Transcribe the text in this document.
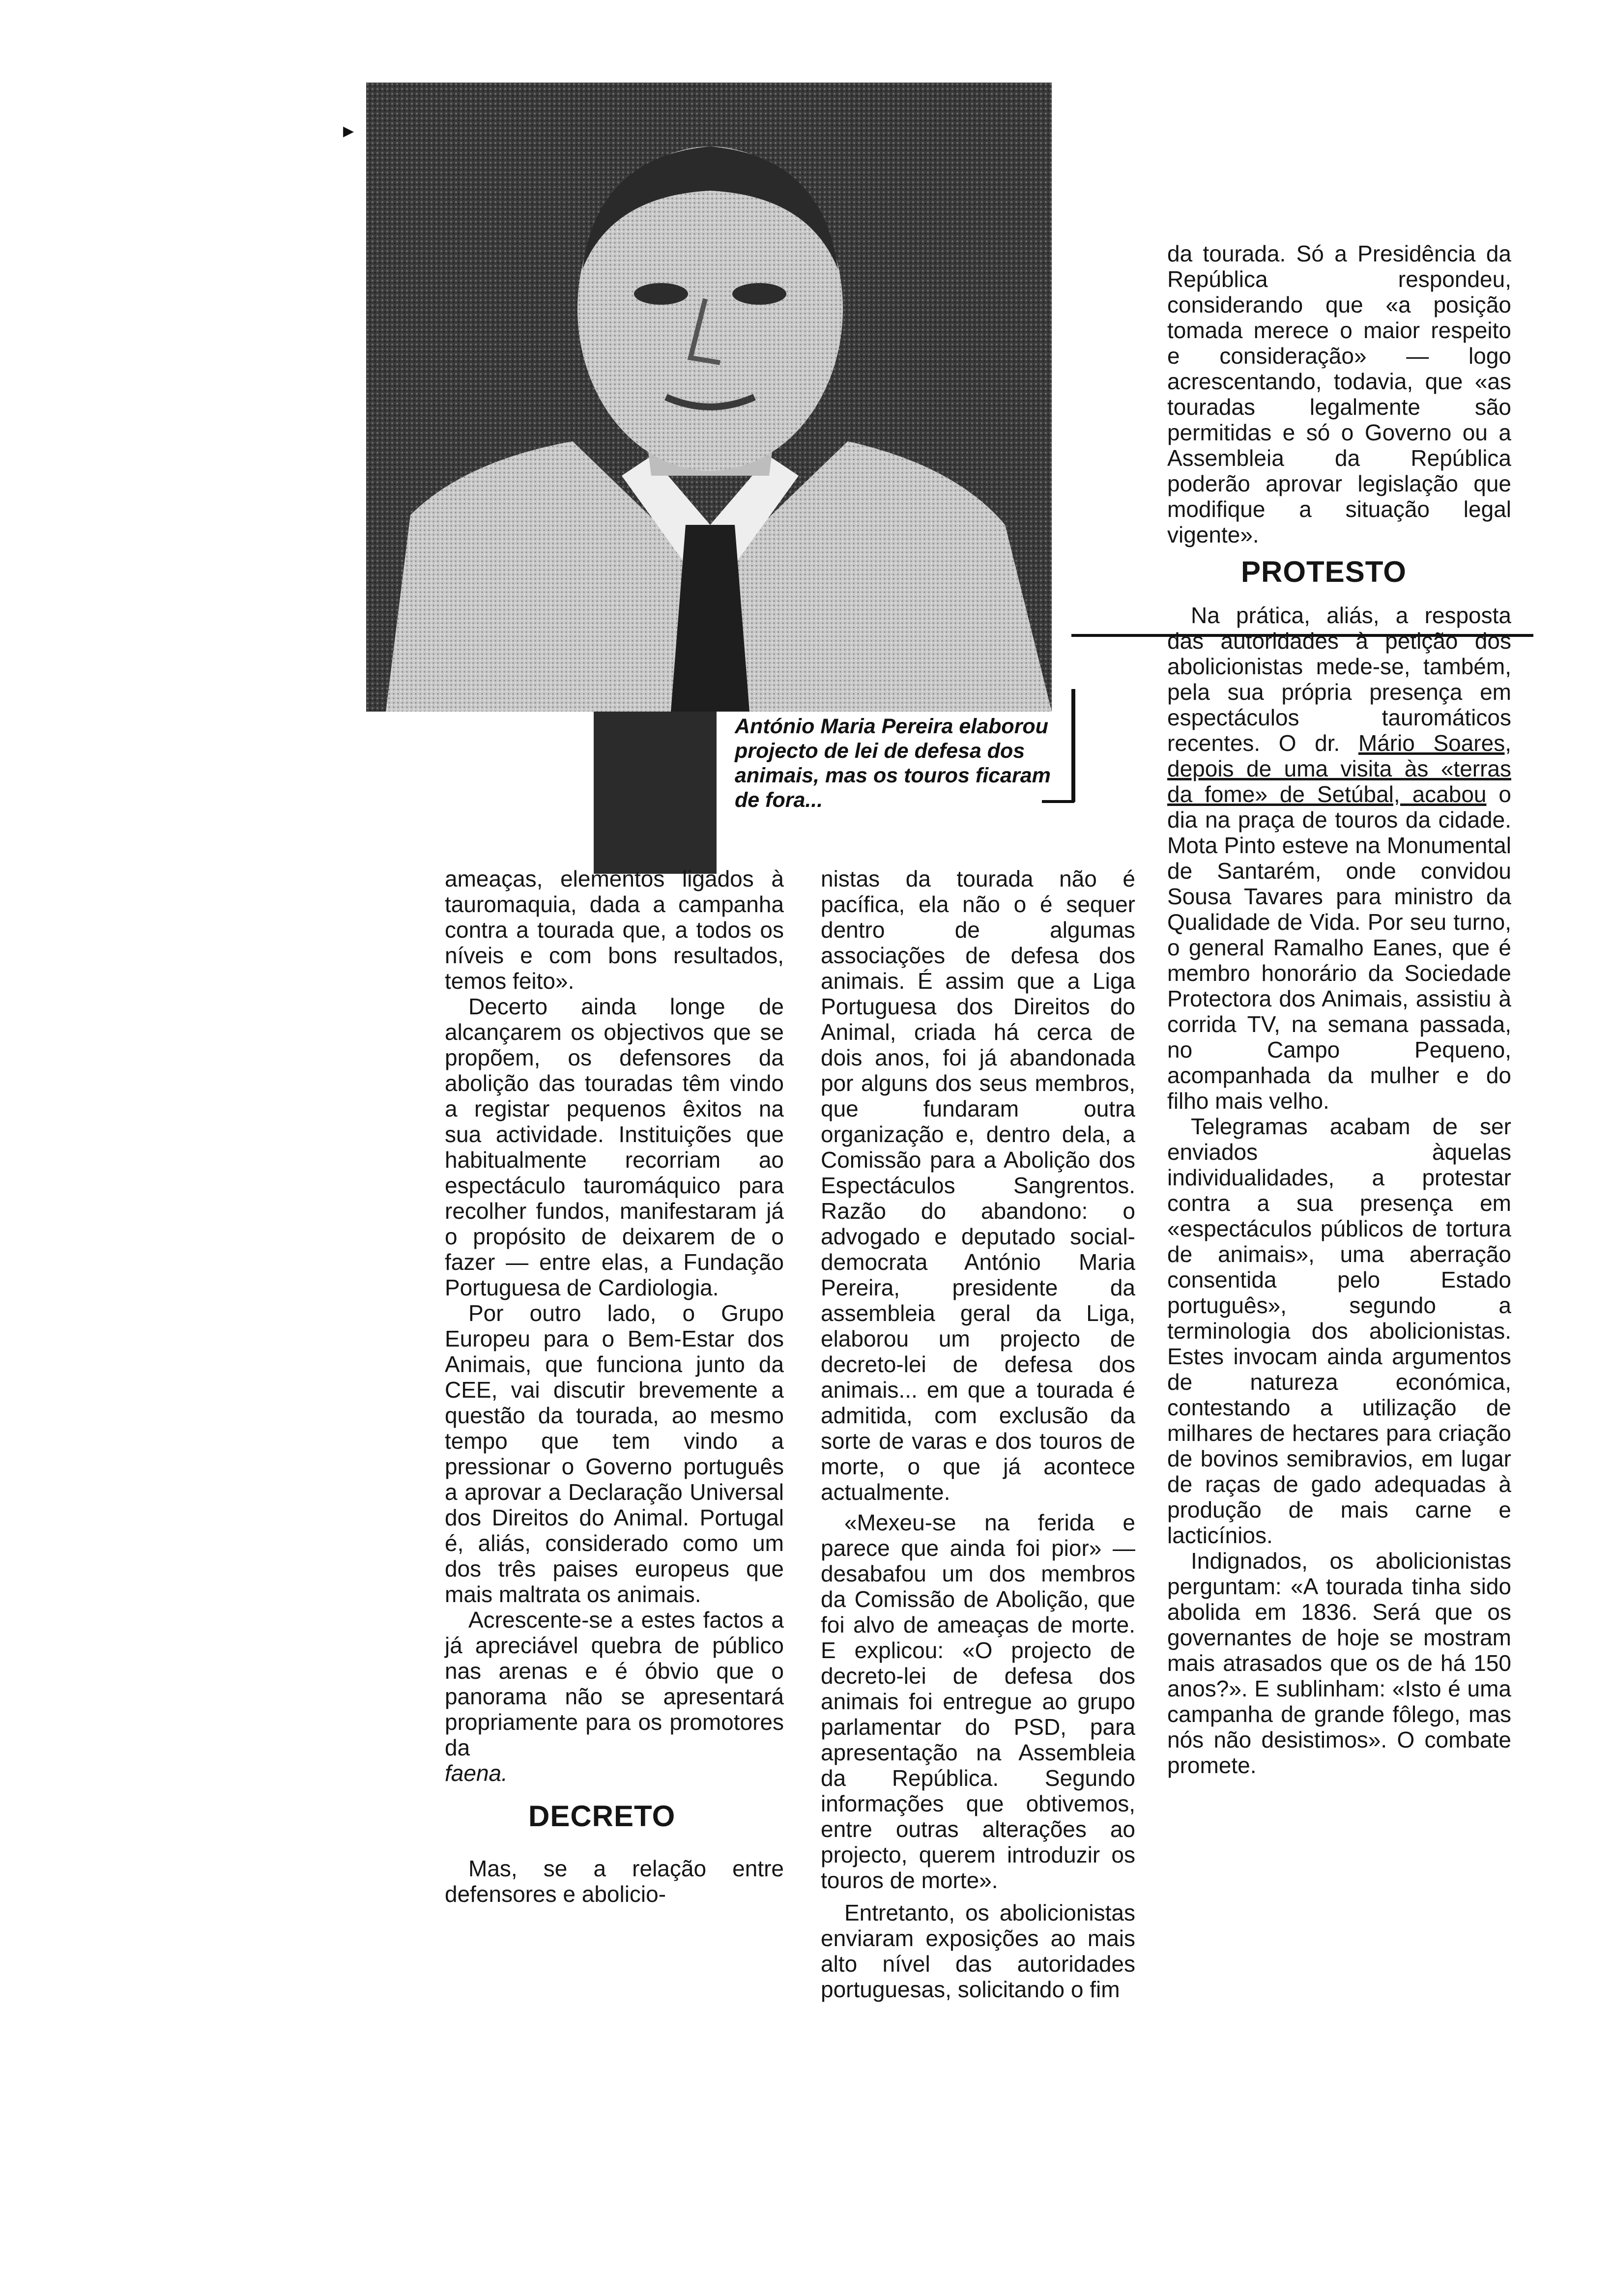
António Maria Pereira elaborou projecto de lei de defesa dos animais, mas os touros ficaram de fora...

ameaças, elementos ligados à tauromaquia, dada a campanha contra a tourada que, a todos os níveis e com bons resultados, temos feito».

Decerto ainda longe de alcançarem os objectivos que se propõem, os defensores da abolição das touradas têm vindo a registar pequenos êxitos na sua actividade. Instituições que habitualmente recorriam ao espectáculo tauromáquico para recolher fundos, manifestaram já o propósito de deixarem de o fazer — entre elas, a Fundação Portuguesa de Cardiologia.

Por outro lado, o Grupo Europeu para o Bem-Estar dos Animais, que funciona junto da CEE, vai discutir brevemente a questão da tourada, ao mesmo tempo que tem vindo a pressionar o Governo português a aprovar a Declaração Universal dos Direitos do Animal. Portugal é, aliás, considerado como um dos três paises europeus que mais maltrata os animais.

Acrescente-se a estes factos a já apreciável quebra de público nas arenas e é óbvio que o panorama não se apresentará propriamente para os promotores da

faena.

DECRETO

Mas, se a relação entre defensores e abolicio-

nistas da tourada não é pacífica, ela não o é sequer dentro de algumas associações de defesa dos animais. É assim que a Liga Portuguesa dos Direitos do Animal, criada há cerca de dois anos, foi já abandonada por alguns dos seus membros, que fundaram outra organização e, dentro dela, a Comissão para a Abolição dos Espectáculos Sangrentos. Razão do abandono: o advogado e deputado social-democrata António Maria Pereira, presidente da assembleia geral da Liga, elaborou um projecto de decreto-lei de defesa dos animais... em que a tourada é admitida, com exclusão da sorte de varas e dos touros de morte, o que já acontece actualmente.

«Mexeu-se na ferida e parece que ainda foi pior» — desabafou um dos membros da Comissão de Abolição, que foi alvo de ameaças de morte. E explicou: «O projecto de decreto-lei de defesa dos animais foi entregue ao grupo parlamentar do PSD, para apresentação na Assembleia da República. Segundo informações que obtivemos, entre outras alterações ao projecto, querem introduzir os touros de morte».

Entretanto, os abolicionistas enviaram exposições ao mais alto nível das autoridades portuguesas, solicitando o fim

da tourada. Só a Presidência da República respondeu, considerando que «a posição tomada merece o maior respeito e consideração» — logo acrescentando, todavia, que «as touradas legalmente são permitidas e só o Governo ou a Assembleia da República poderão aprovar legislação que modifique a situação legal vigente».

PROTESTO

Na prática, aliás, a resposta das autoridades à petição dos abolicionistas mede-se, também, pela sua própria presença em espectáculos tauromáticos recentes. O dr. Mário Soares, depois de uma visita às «terras da fome» de Setúbal, acabou o dia na praça de touros da cidade. Mota Pinto esteve na Monumental de Santarém, onde convidou Sousa Tavares para ministro da Qualidade de Vida. Por seu turno, o general Ramalho Eanes, que é membro honorário da Sociedade Protectora dos Animais, assistiu à corrida TV, na semana passada, no Campo Pequeno, acompanhada da mulher e do filho mais velho.

Telegramas acabam de ser enviados àquelas individualidades, a protestar contra a sua presença em «espectáculos públicos de tortura de animais», uma aberração consentida pelo Estado português», segundo a terminologia dos abolicionistas. Estes invocam ainda argumentos de natureza económica, contestando a utilização de milhares de hectares para criação de bovinos semibravios, em lugar de raças de gado adequadas à produção de mais carne e lacticínios.

Indignados, os abolicionistas perguntam: «A tourada tinha sido abolida em 1836. Será que os governantes de hoje se mostram mais atrasados que os de há 150 anos?». E sublinham: «Isto é uma campanha de grande fôlego, mas nós não desistimos». O combate promete.

▸
